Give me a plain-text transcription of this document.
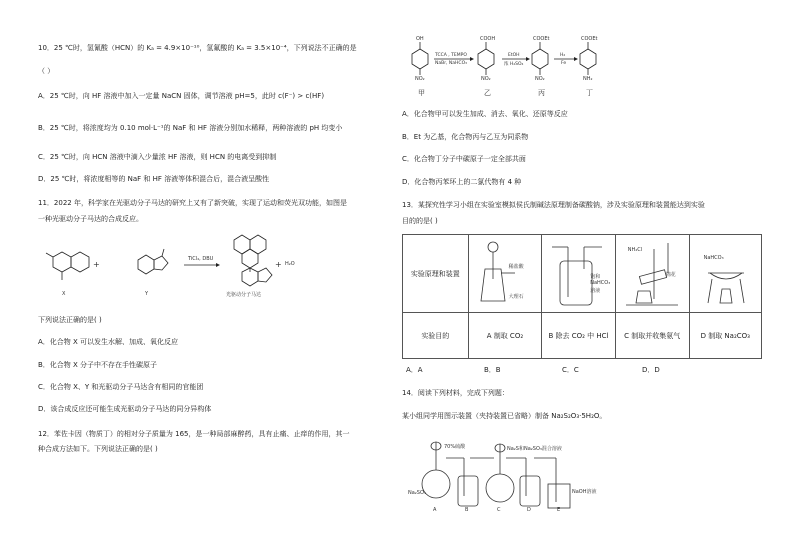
10．25 ℃时，氢氰酸（HCN）的 Kₐ = 4.9×10⁻¹⁰，氢氟酸的 Kₐ = 3.5×10⁻⁴，下列说法不正确的是
（ ）
A．25 ℃时，向 HF 溶液中加入一定量 NaCN 固体，调节溶液 pH=5，此时 c(F⁻) > c(HF)
B．25 ℃时，将浓度均为 0.10 mol·L⁻¹的 NaF 和 HF 溶液分别加水稀释，两种溶液的 pH 均变小
C．25 ℃时，向 HCN 溶液中滴入少量浓 HF 溶液，则 HCN 的电离受到抑制
D．25 ℃时，将浓度相等的 NaF 和 HF 溶液等体积混合后，混合液呈酸性
11．2022 年，科学家在光驱动分子马达的研究上又有了新突破，实现了运动和荧光双功能，如图是
一种光驱动分子马达的合成反应。
+	+ H₂O
TiCl₄, DBU
X	Y	光驱动分子马达
下列说法正确的是( )
A．化合物 X 可以发生水解、加成、氧化反应
B．化合物 X 分子中不存在手性碳原子
C．化合物 X、Y 和光驱动分子马达含有相同的官能团
D．该合成反应还可能生成光驱动分子马达的同分异构体
12．苯佐卡因（物质丁）的相对分子质量为 165，是一种局部麻醉药，具有止痛、止痒的作用，其一
种合成方法如下。下列说法正确的是( )
OH	COOH	COOEt	COOEt
NO₂	NO₂	NO₂	NH₂
TCCA , TEMPO
NaBr, NaHCO₃
EtOH
浓 H₂SO₄
H₂
Fe
甲	乙	丙	丁
A．化合物甲可以发生加成、消去、氧化、还原等反应
B．Et 为乙基，化合物丙与乙互为同系物
C．化合物丁分子中碳原子一定全部共面
D．化合物丙苯环上的二氯代物有 4 种
13．某探究性学习小组在实验室模拟侯氏制碱法原理制备碳酸钠，涉及实验原理和装置能达到实验
目的的是( )
实验原理和装置	稀盐酸
大理石	饱和
NaHCO₃
溶液	NH₄Cl
棉花	NaHCO₃

实验目的	A 制取 CO₂	B 除去 CO₂ 中 HCl	C 制取并收集氨气	D 制取 Na₂CO₃
A．A	B．B	C．C	D．D
14．阅读下列材料，完成下列题：
某小组同学用图示装置（夹持装置已省略）制备 Na₂S₂O₃·5H₂O。
70%硫酸	Na₂S和Na₂SO₃混合溶液
NaOH溶液
Na₂SO₃
A	B	C	D	E
